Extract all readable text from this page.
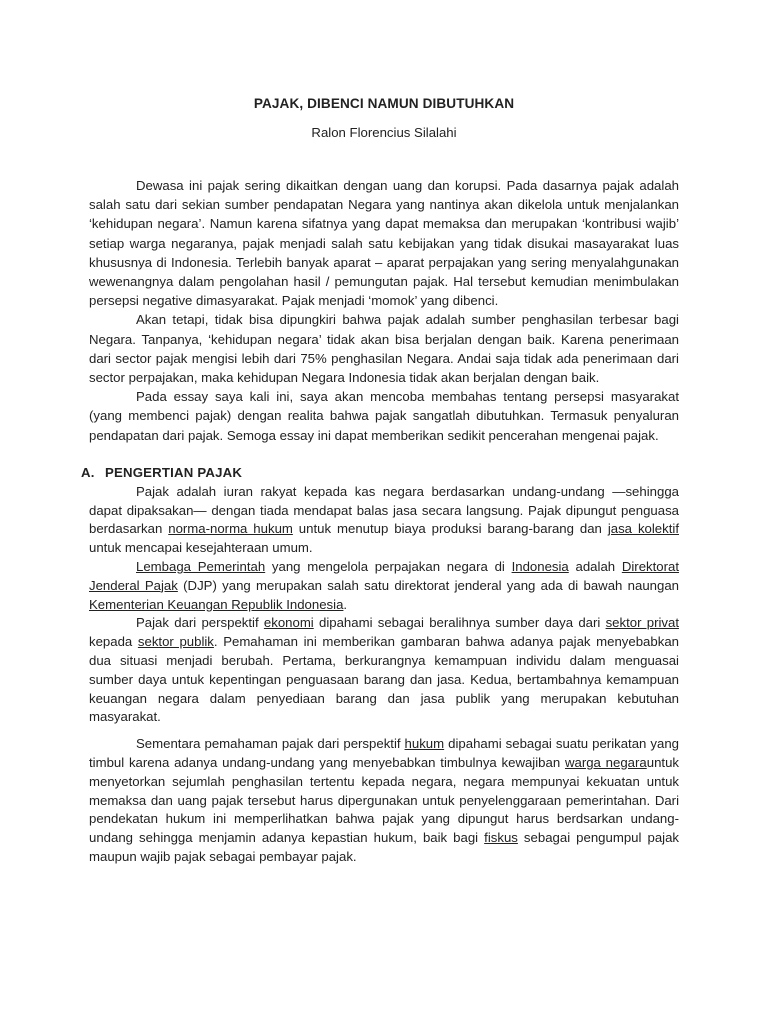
PAJAK, DIBENCI NAMUN DIBUTUHKAN
Ralon Florencius Silalahi

Dewasa ini pajak sering dikaitkan dengan uang dan korupsi. Pada dasarnya pajak adalah salah satu dari sekian sumber pendapatan Negara yang nantinya akan dikelola untuk menjalankan ‘kehidupan negara’. Namun karena sifatnya yang dapat memaksa dan merupakan ‘kontribusi wajib’ setiap warga negaranya, pajak menjadi salah satu kebijakan yang tidak disukai masayarakat luas khususnya di Indonesia. Terlebih banyak aparat – aparat perpajakan yang sering menyalahgunakan wewenangnya dalam pengolahan hasil / pemungutan pajak. Hal tersebut kemudian menimbulakan persepsi negative dimasyarakat. Pajak menjadi ‘momok’ yang dibenci.

Akan tetapi, tidak bisa dipungkiri bahwa pajak adalah sumber penghasilan terbesar bagi Negara. Tanpanya, ‘kehidupan negara’ tidak akan bisa berjalan dengan baik. Karena penerimaan dari sector pajak mengisi lebih dari 75% penghasilan Negara. Andai saja tidak ada penerimaan dari sector perpajakan, maka kehidupan Negara Indonesia tidak akan berjalan dengan baik.

Pada essay saya kali ini, saya akan mencoba membahas tentang persepsi masyarakat (yang membenci pajak) dengan realita bahwa pajak sangatlah dibutuhkan. Termasuk penyaluran pendapatan dari pajak. Semoga essay ini dapat memberikan sedikit pencerahan mengenai pajak.

A. PENGERTIAN PAJAK

Pajak adalah iuran rakyat kepada kas negara berdasarkan undang-undang —sehingga dapat dipaksakan— dengan tiada mendapat balas jasa secara langsung. Pajak dipungut penguasa berdasarkan norma-norma hukum untuk menutup biaya produksi barang-barang dan jasa kolektif untuk mencapai kesejahteraan umum.

Lembaga Pemerintah yang mengelola perpajakan negara di Indonesia adalah Direktorat Jenderal Pajak (DJP) yang merupakan salah satu direktorat jenderal yang ada di bawah naungan Kementerian Keuangan Republik Indonesia.

Pajak dari perspektif ekonomi dipahami sebagai beralihnya sumber daya dari sektor privat kepada sektor publik. Pemahaman ini memberikan gambaran bahwa adanya pajak menyebabkan dua situasi menjadi berubah. Pertama, berkurangnya kemampuan individu dalam menguasai sumber daya untuk kepentingan penguasaan barang dan jasa. Kedua, bertambahnya kemampuan keuangan negara dalam penyediaan barang dan jasa publik yang merupakan kebutuhan masyarakat.

Sementara pemahaman pajak dari perspektif hukum dipahami sebagai suatu perikatan yang timbul karena adanya undang-undang yang menyebabkan timbulnya kewajiban warga negarauntuk menyetorkan sejumlah penghasilan tertentu kepada negara, negara mempunyai kekuatan untuk memaksa dan uang pajak tersebut harus dipergunakan untuk penyelenggaraan pemerintahan. Dari pendekatan hukum ini memperlihatkan bahwa pajak yang dipungut harus berdsarkan undang-undang sehingga menjamin adanya kepastian hukum, baik bagi fiskus sebagai pengumpul pajak maupun wajib pajak sebagai pembayar pajak.
